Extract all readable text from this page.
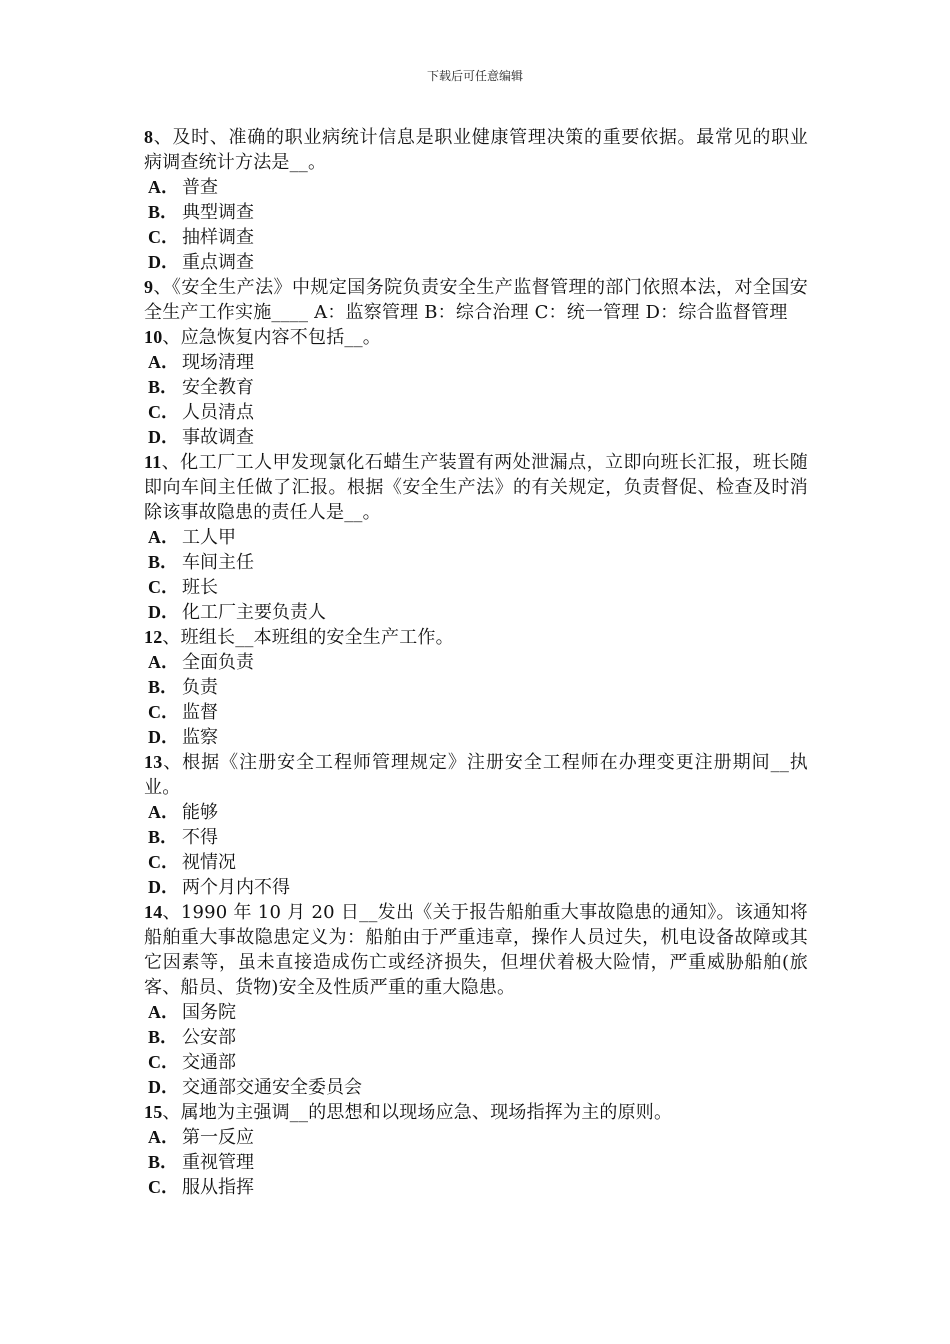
下载后可任意编辑

8、及时、准确的职业病统计信息是职业健康管理决策的重要依据。最常见的职业病调查统计方法是__。

A． 普查

B． 典型调查

C． 抽样调查

D． 重点调查

9、《安全生产法》中规定国务院负责安全生产监督管理的部门依照本法，对全国安全生产工作实施____ A：监察管理 B：综合治理 C：统一管理 D：综合监督管理

10、应急恢复内容不包括__。

A． 现场清理

B． 安全教育

C． 人员清点

D． 事故调查

11、化工厂工人甲发现氯化石蜡生产装置有两处泄漏点，立即向班长汇报，班长随即向车间主任做了汇报。根据《安全生产法》的有关规定，负责督促、检查及时消除该事故隐患的责任人是__。

A． 工人甲

B． 车间主任

C． 班长

D． 化工厂主要负责人

12、班组长__本班组的安全生产工作。

A． 全面负责

B． 负责

C． 监督

D． 监察

13、根据《注册安全工程师管理规定》注册安全工程师在办理变更注册期间__执业。

A． 能够

B． 不得

C． 视情况

D． 两个月内不得

14、1990 年 10 月 20 日__发出《关于报告船舶重大事故隐患的通知》。该通知将船舶重大事故隐患定义为：船舶由于严重违章，操作人员过失，机电设备故障或其它因素等，虽未直接造成伤亡或经济损失，但埋伏着极大险情，严重威胁船舶(旅客、船员、货物)安全及性质严重的重大隐患。

A． 国务院

B． 公安部

C． 交通部

D． 交通部交通安全委员会

15、属地为主强调__的思想和以现场应急、现场指挥为主的原则。

A． 第一反应

B． 重视管理

C． 服从指挥
